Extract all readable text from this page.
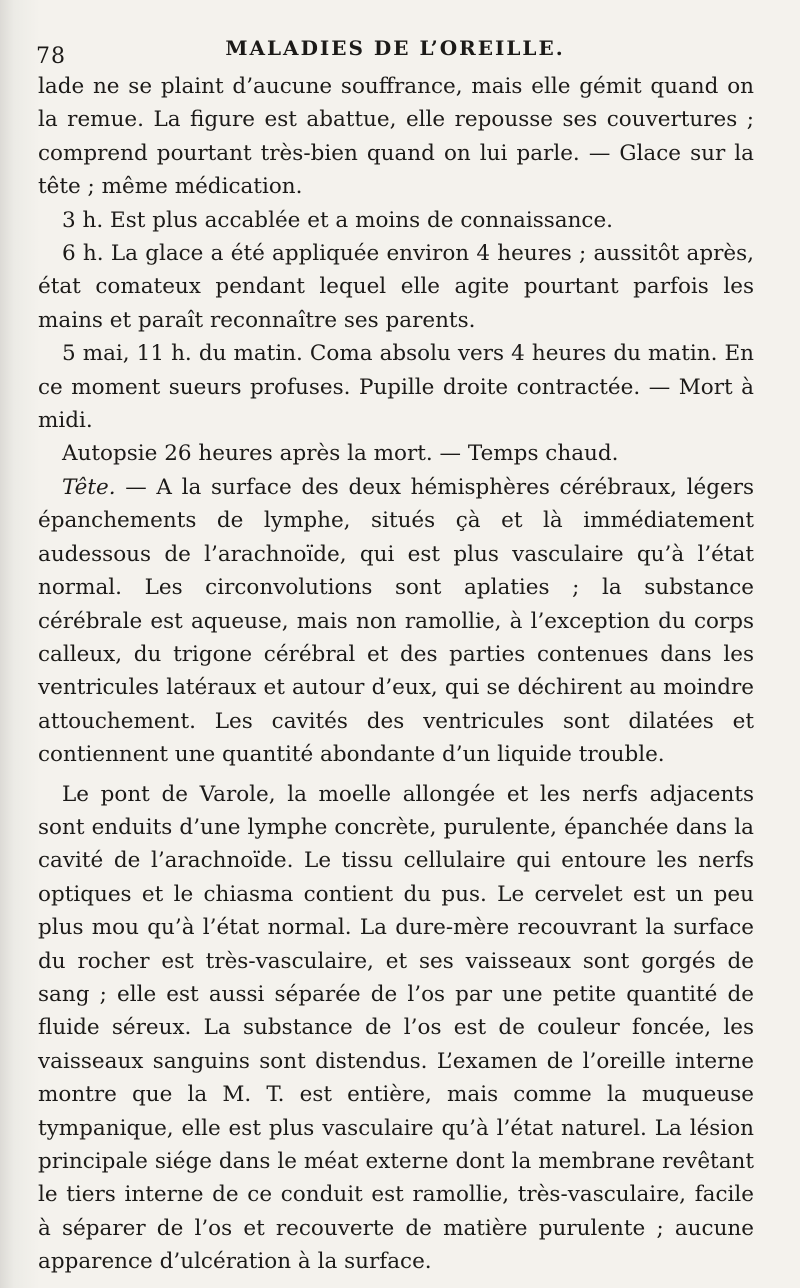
78	MALADIES DE L’OREILLE.

lade ne se plaint d’aucune souffrance, mais elle gémit quand on la remue. La figure est abattue, elle repousse ses couvertures ; comprend pourtant très-bien quand on lui parle. — Glace sur la tête ; même médication.

3 h. Est plus accablée et a moins de connaissance.

6 h. La glace a été appliquée environ 4 heures ; aussitôt après, état comateux pendant lequel elle agite pourtant parfois les mains et paraît reconnaître ses parents.

5 mai, 11 h. du matin. Coma absolu vers 4 heures du matin. En ce moment sueurs profuses. Pupille droite contractée. — Mort à midi.

Autopsie 26 heures après la mort. — Temps chaud.

Tête. — A la surface des deux hémisphères cérébraux, légers épanchements de lymphe, situés çà et là immédiatement audessous de l’arachnoïde, qui est plus vasculaire qu’à l’état normal. Les circonvolutions sont aplaties ; la substance cérébrale est aqueuse, mais non ramollie, à l’exception du corps calleux, du trigone cérébral et des parties contenues dans les ventricules latéraux et autour d’eux, qui se déchirent au moindre attouchement. Les cavités des ventricules sont dilatées et contiennent une quantité abondante d’un liquide trouble.

Le pont de Varole, la moelle allongée et les nerfs adjacents sont enduits d’une lymphe concrète, purulente, épanchée dans la cavité de l’arachnoïde. Le tissu cellulaire qui entoure les nerfs optiques et le chiasma contient du pus. Le cervelet est un peu plus mou qu’à l’état normal. La dure-mère recouvrant la surface du rocher est très-vasculaire, et ses vaisseaux sont gorgés de sang ; elle est aussi séparée de l’os par une petite quantité de fluide séreux. La substance de l’os est de couleur foncée, les vaisseaux sanguins sont distendus. L’examen de l’oreille interne montre que la M. T. est entière, mais comme la muqueuse tympanique, elle est plus vasculaire qu’à l’état naturel. La lésion principale siége dans le méat externe dont la membrane revêtant le tiers interne de ce conduit est ramollie, très-vasculaire, facile à séparer de l’os et recouverte de matière purulente ; aucune apparence d’ulcération à la surface.
